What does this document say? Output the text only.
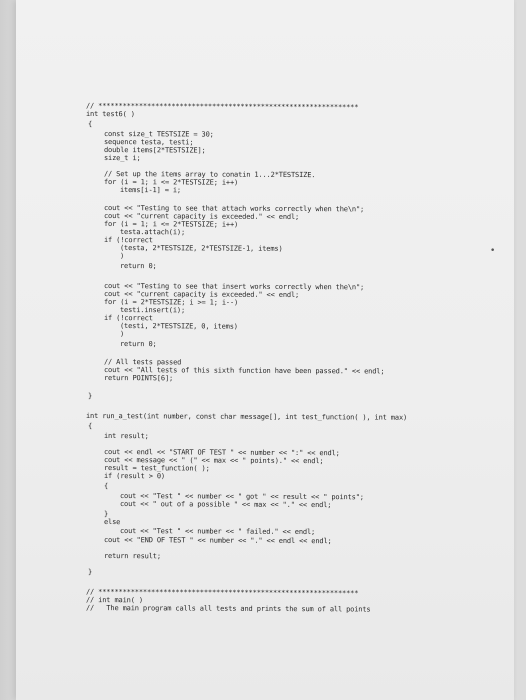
// ****************************************************************
int test6( )
{
const size_t TESTSIZE = 30;
sequence testa, testi;
double items[2*TESTSIZE];
size_t i;
// Set up the items array to conatin 1...2*TESTSIZE.
for (i = 1; i <= 2*TESTSIZE; i++)
items[i-1] = i;
cout << "Testing to see that attach works correctly when the\n";
cout << "current capacity is exceeded." << endl;
for (i = 1; i <= 2*TESTSIZE; i++)
testa.attach(i);
if (!correct
(testa, 2*TESTSIZE, 2*TESTSIZE-1, items)
)
return 0;
cout << "Testing to see that insert works correctly when the\n";
cout << "current capacity is exceeded." << endl;
for (i = 2*TESTSIZE; i >= 1; i--)
testi.insert(i);
if (!correct
(testi, 2*TESTSIZE, 0, items)
)
return 0;
// All tests passed
cout << "All tests of this sixth function have been passed." << endl;
return POINTS[6];
}
int run_a_test(int number, const char message[], int test_function( ), int max)
{
int result;
cout << endl << "START OF TEST " << number << ":" << endl;
cout << message << " (" << max << " points)." << endl;
result = test_function( );
if (result > 0)
{
cout << "Test " << number << " got " << result << " points";
cout << " out of a possible " << max << "." << endl;
}
else
cout << "Test " << number << " failed." << endl;
cout << "END OF TEST " << number << "." << endl << endl;
return result;
}
// ****************************************************************
// int main( )
//   The main program calls all tests and prints the sum of all points
•
